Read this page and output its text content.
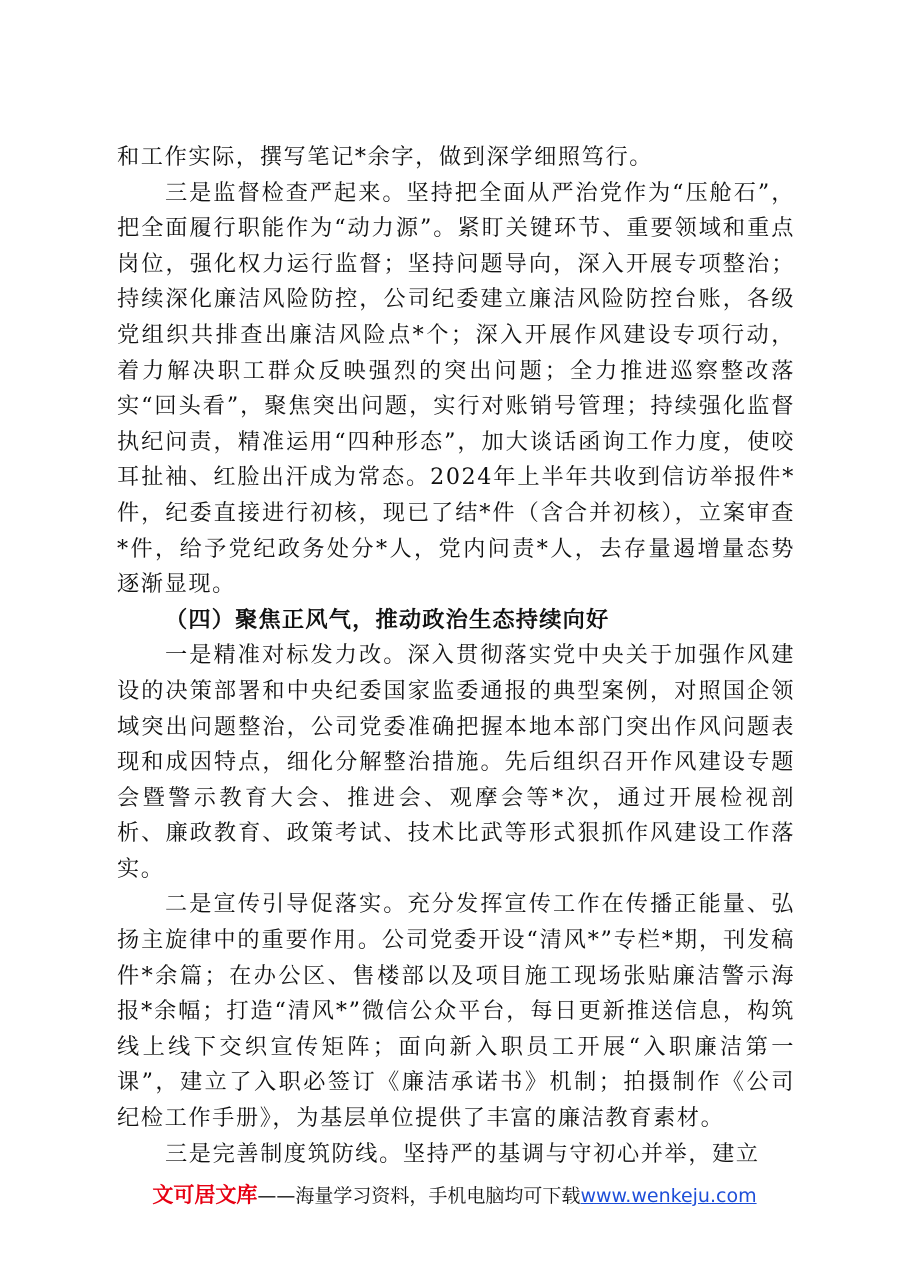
和工作实际，撰写笔记*余字，做到深学细照笃行。

三是监督检查严起来。坚持把全面从严治党作为“压舱石”，把全面履行职能作为“动力源”。紧盯关键环节、重要领域和重点岗位，强化权力运行监督；坚持问题导向，深入开展专项整治；持续深化廉洁风险防控，公司纪委建立廉洁风险防控台账，各级党组织共排查出廉洁风险点*个；深入开展作风建设专项行动，着力解决职工群众反映强烈的突出问题；全力推进巡察整改落实“回头看”，聚焦突出问题，实行对账销号管理；持续强化监督执纪问责，精准运用“四种形态”，加大谈话函询工作力度，使咬耳扯袖、红脸出汗成为常态。2024年上半年共收到信访举报件*件，纪委直接进行初核，现已了结*件（含合并初核），立案审查*件，给予党纪政务处分*人，党内问责*人，去存量遏增量态势逐渐显现。

（四）聚焦正风气，推动政治生态持续向好

一是精准对标发力改。深入贯彻落实党中央关于加强作风建设的决策部署和中央纪委国家监委通报的典型案例，对照国企领域突出问题整治，公司党委准确把握本地本部门突出作风问题表现和成因特点，细化分解整治措施。先后组织召开作风建设专题会暨警示教育大会、推进会、观摩会等*次，通过开展检视剖析、廉政教育、政策考试、技术比武等形式狠抓作风建设工作落实。

二是宣传引导促落实。充分发挥宣传工作在传播正能量、弘扬主旋律中的重要作用。公司党委开设“清风*”专栏*期，刊发稿件*余篇；在办公区、售楼部以及项目施工现场张贴廉洁警示海报*余幅；打造“清风*”微信公众平台，每日更新推送信息，构筑线上线下交织宣传矩阵；面向新入职员工开展“入职廉洁第一课”，建立了入职必签订《廉洁承诺书》机制；拍摄制作《公司纪检工作手册》，为基层单位提供了丰富的廉洁教育素材。

三是完善制度筑防线。坚持严的基调与守初心并举，建立

文可居文库——海量学习资料，手机电脑均可下载www.wenkeju.com
